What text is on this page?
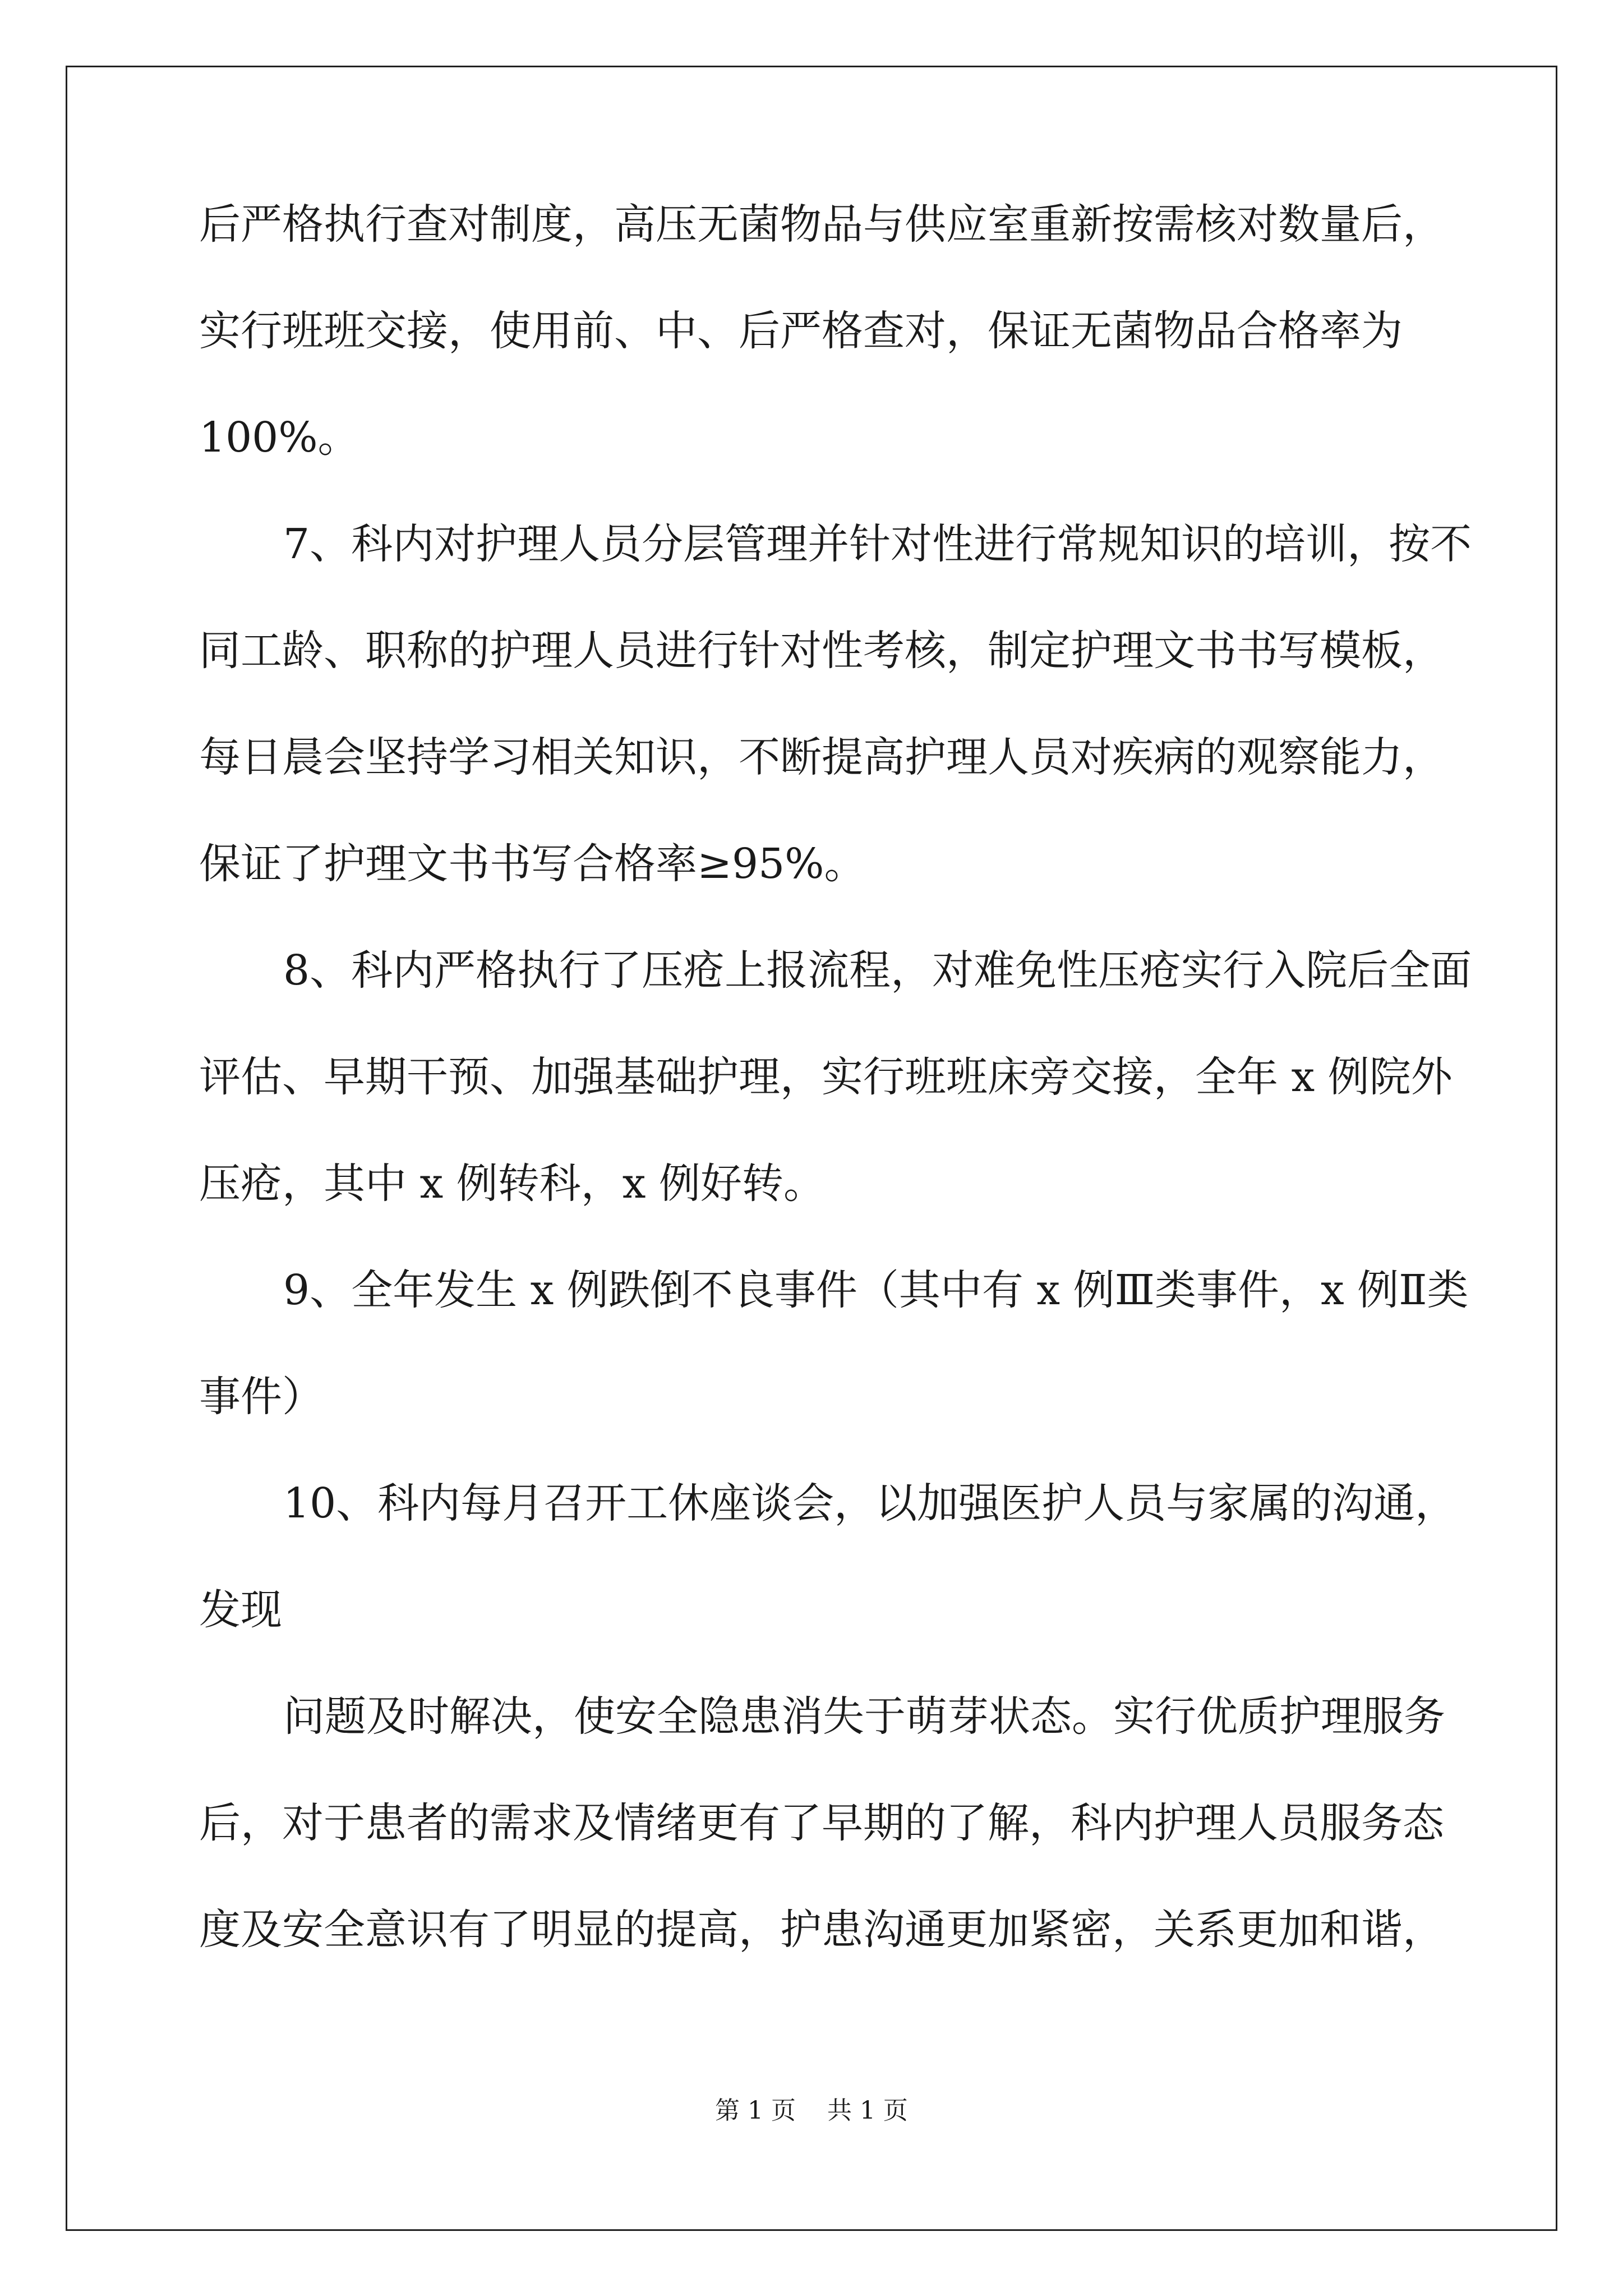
后严格执行查对制度，高压无菌物品与供应室重新按需核对数量后，
实行班班交接，使用前、中、后严格查对，保证无菌物品合格率为
100%。
7、科内对护理人员分层管理并针对性进行常规知识的培训，按不
同工龄、职称的护理人员进行针对性考核，制定护理文书书写模板，
每日晨会坚持学习相关知识，不断提高护理人员对疾病的观察能力，
保证了护理文书书写合格率≥95%。
8、科内严格执行了压疮上报流程，对难免性压疮实行入院后全面
评估、早期干预、加强基础护理，实行班班床旁交接，全年 x 例院外
压疮，其中 x 例转科，x 例好转。
9、全年发生 x 例跌倒不良事件（其中有 x 例Ⅲ类事件，x 例Ⅱ类
事件）
10、科内每月召开工休座谈会，以加强医护人员与家属的沟通，
发现
问题及时解决，使安全隐患消失于萌芽状态。实行优质护理服务
后，对于患者的需求及情绪更有了早期的了解，科内护理人员服务态
度及安全意识有了明显的提高，护患沟通更加紧密，关系更加和谐，
第 1 页    共 1 页
